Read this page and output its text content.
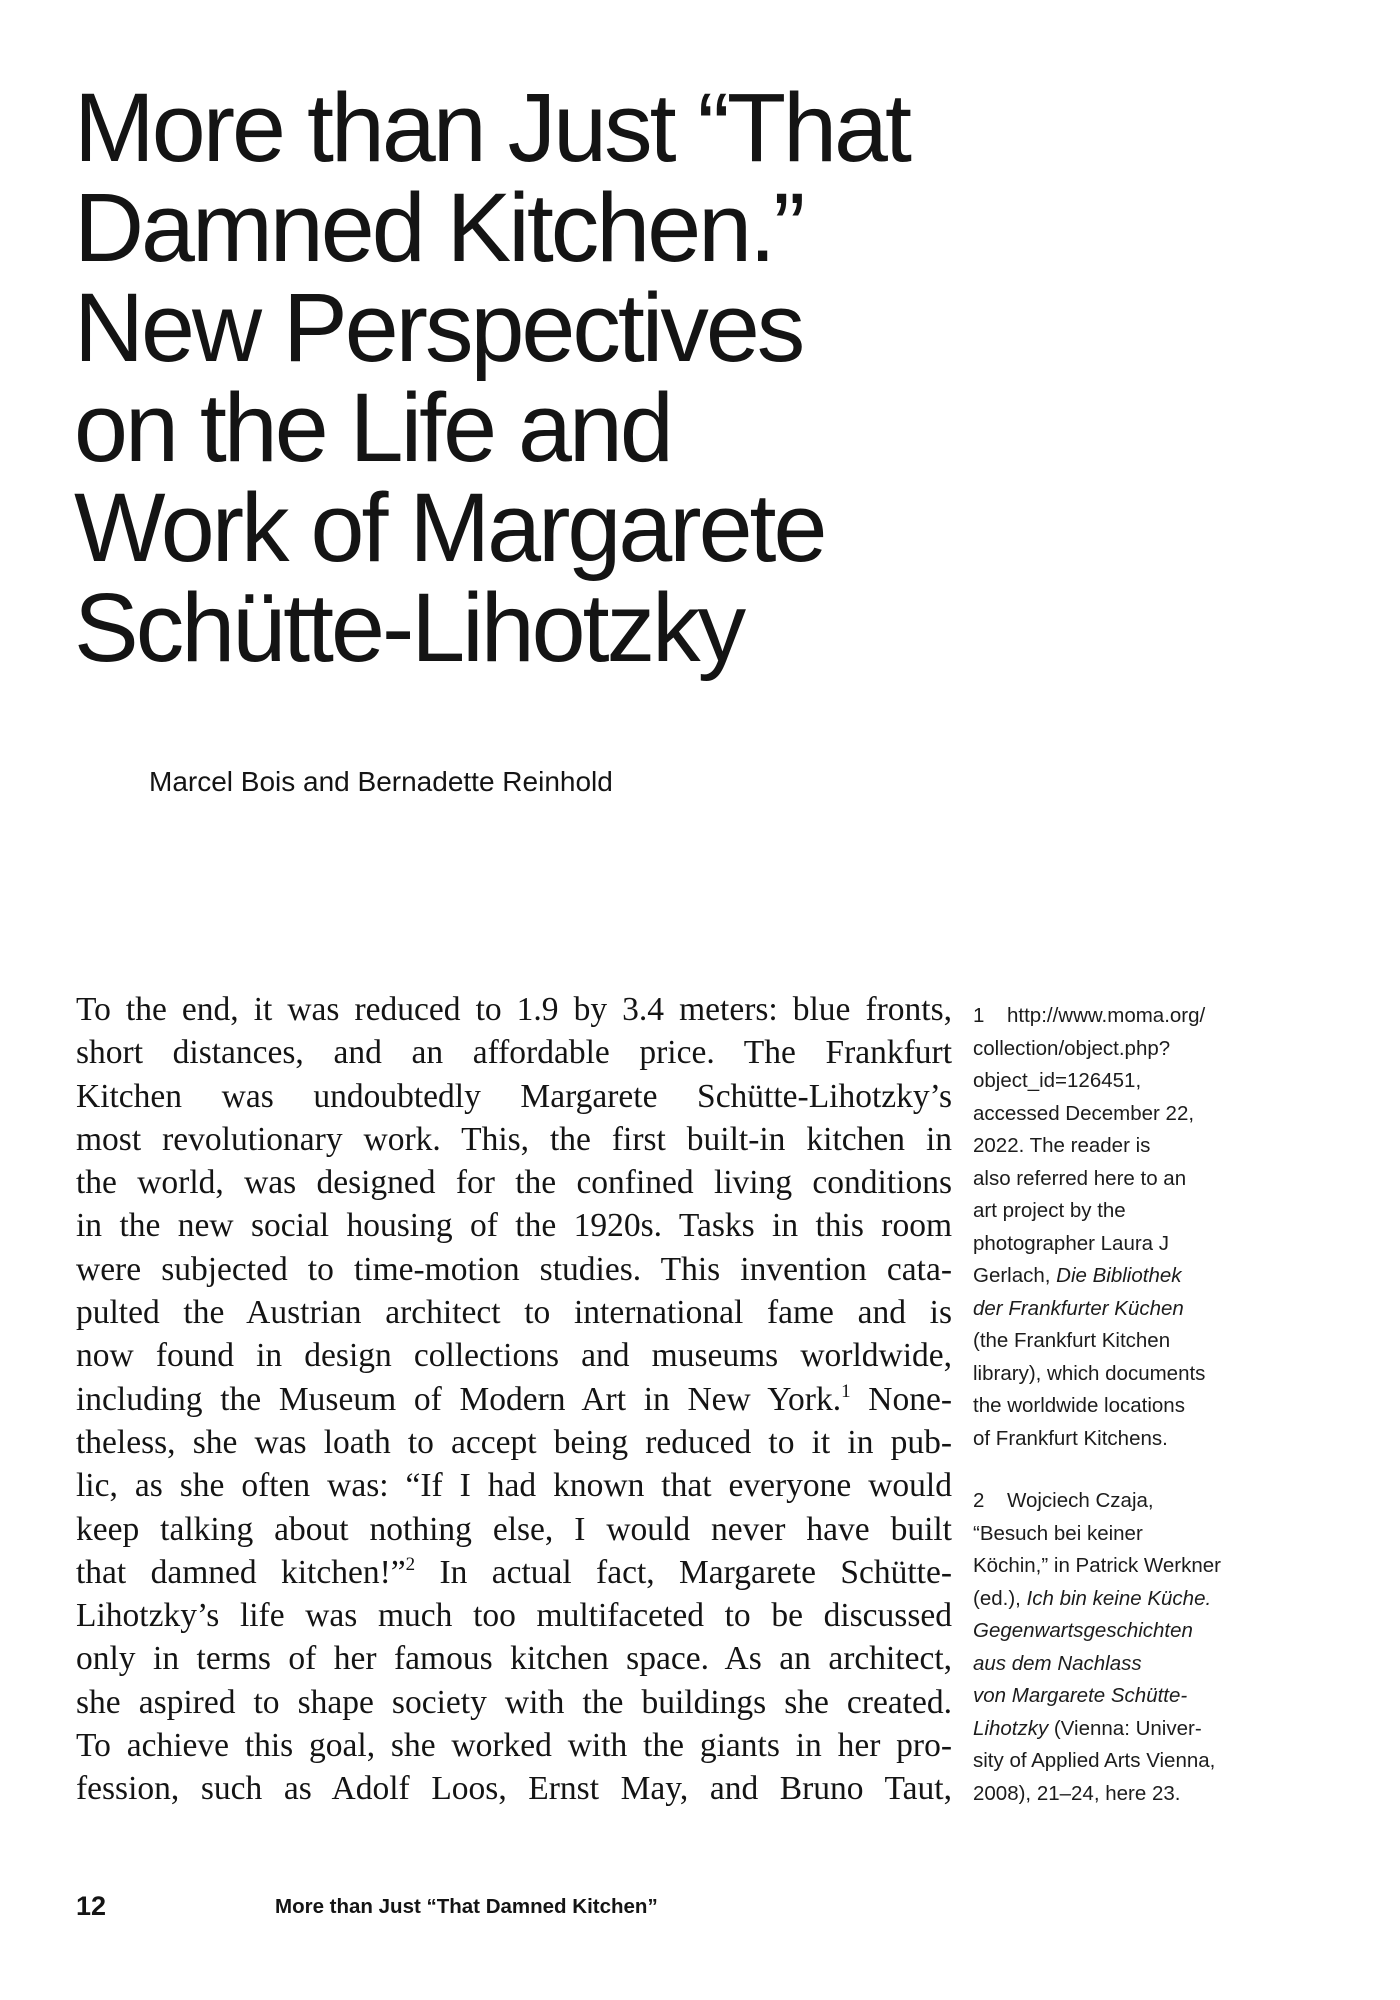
More than Just “That
Damned Kitchen.”
New Perspectives
on the Life and
Work of Margarete
Schütte-Lihotzky
Marcel Bois and Bernadette Reinhold
To the end, it was reduced to 1.9 by 3.4 meters: blue fronts,
short distances, and an affordable price. The Frankfurt
Kitchen was undoubtedly Margarete Schütte-Lihotzky’s
most revolutionary work. This, the first built-in kitchen in
the world, was designed for the confined living conditions
in the new social housing of the 1920s. Tasks in this room
were subjected to time-motion studies. This invention cata-
pulted the Austrian architect to international fame and is
now found in design collections and museums worldwide,
including the Museum of Modern Art in New York.$^1$ None-
theless, she was loath to accept being reduced to it in pub-
lic, as she often was: “If I had known that everyone would
keep talking about nothing else, I would never have built
that damned kitchen!”$^2$ In actual fact, Margarete Schütte-
Lihotzky’s life was much too multifaceted to be discussed
only in terms of her famous kitchen space. As an architect,
she aspired to shape society with the buildings she created.
To achieve this goal, she worked with the giants in her pro-
fession, such as Adolf Loos, Ernst May, and Bruno Taut,
1 http://www.moma.org/
collection/object.php?
object_id=126451,
accessed December 22,
2022. The reader is
also referred here to an
art project by the
photographer Laura J
Gerlach, Die Bibliothek
der Frankfurter Küchen
(the Frankfurt Kitchen
library), which documents
the worldwide locations
of Frankfurt Kitchens.
2 Wojciech Czaja,
“Besuch bei keiner
Köchin,” in Patrick Werkner
(ed.), Ich bin keine Küche.
Gegenwartsgeschichten
aus dem Nachlass
von Margarete Schütte-
Lihotzky (Vienna: Univer-
sity of Applied Arts Vienna,
2008), 21–24, here 23.
12	More than Just “That Damned Kitchen”
